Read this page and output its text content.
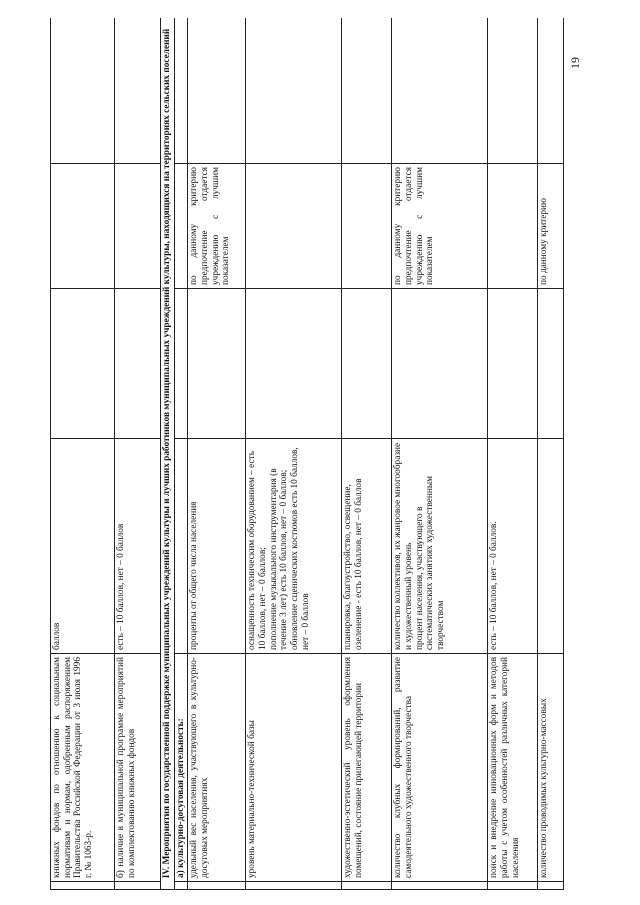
19
	книжных фондов по отношению к социальным нормативам и нормам, одобренным распоряжением Правительства Российской Федерации от 3 июля 1996 г. № 1063-р.	баллов			
	б) наличие в муниципальной программе мероприятий по комплектованию книжных фондов	есть – 10 баллов, нет – 0 баллов			
IV. Мероприятия по государственной поддержке муниципальных учреждений культуры и лучших работников муниципальных учреждений культуры, находящихся на территориях сельских поселений					
	а) культурно-досуговая деятельность:				
	удельный вес населения, участвующего в культурно-досуговых мероприятиях	проценты от общего числа населения		по данному критерию предпочтение отдается учреждению с лучшим показателем	
	уровень материально-технической базы	оснащенность техническим оборудованием – есть 10 баллов, нет – 0 баллов;
пополнение музыкального инструментария (в течение 3 лет) есть 10 баллов, нет – 0 баллов;
обновление сценических костюмов есть 10 баллов, нет – 0 баллов			
	художественно-эстетический уровень оформления помещений, состояние прилегающей территории	планировка, благоустройство, освещение, озеленение - есть 10 баллов, нет – 0 баллов			
	количество клубных формирований, развитие самодеятельного художественного творчества	количество коллективов, их жанровое многообразие и художественный уровень
процент населения, участвующего в систематических занятиях художественным творчеством		по данному критерию предпочтение отдается учреждению с лучшим показателем	
	поиск и внедрение инновационных форм и методов работы с учетом особенностей различных категорий населения	есть – 10 баллов, нет – 0 баллов.			
	количество проводимых культурно-массовых			по данному критерию	
